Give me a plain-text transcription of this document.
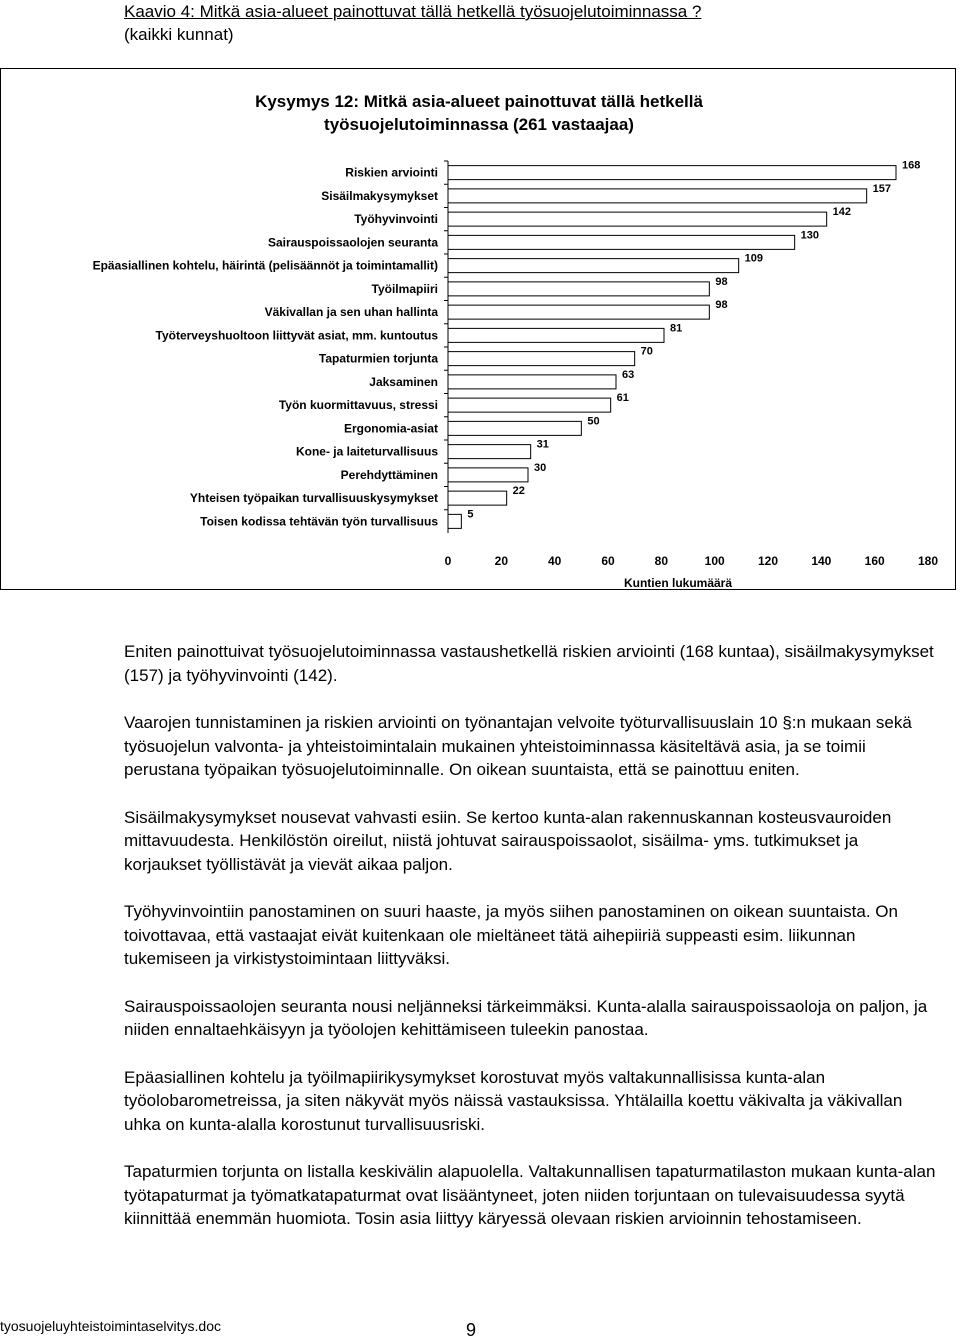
Kaavio 4: Mitkä asia-alueet painottuvat tällä hetkellä työsuojelutoiminnassa ?
(kaikki kunnat)
Kysymys 12: Mitkä asia-alueet painottuvat tällä hetkellä
työsuojelutoiminnassa (261 vastaajaa)
Riskien arviointi	168
Sisäilmakysymykset	157
Työhyvinvointi	142
Sairauspoissaolojen seuranta	130
Epäasiallinen kohtelu, häirintä (pelisäännöt ja toimintamallit)	109
Työilmapiiri	98
Väkivallan ja sen uhan hallinta	98
Työterveyshuoltoon liittyvät asiat, mm. kuntoutus	81
Tapaturmien torjunta	70
Jaksaminen	63
Työn kuormittavuus, stressi	61
Ergonomia-asiat	50
Kone- ja laiteturvallisuus	31
Perehdyttäminen	30
Yhteisen työpaikan turvallisuuskysymykset	22
Toisen kodissa tehtävän työn turvallisuus	5
0	20	40	60	80	100	120	140	160	180
Kuntien lukumäärä

Eniten painottuivat työsuojelutoiminnassa vastaushetkellä riskien arviointi (168 kuntaa), sisäilmakysymykset (157) ja työhyvinvointi (142).

Vaarojen tunnistaminen ja riskien arviointi on työnantajan velvoite työturvallisuuslain 10 §:n mukaan sekä työsuojelun valvonta- ja yhteistoimintalain mukainen yhteistoiminnassa käsiteltävä asia, ja se toimii perustana työpaikan työsuojelutoiminnalle. On oikean suuntaista, että se painottuu eniten.

Sisäilmakysymykset nousevat vahvasti esiin. Se kertoo kunta-alan rakennuskannan kosteusvauroiden mittavuudesta. Henkilöstön oireilut, niistä johtuvat sairauspoissaolot, sisäilma- yms. tutkimukset ja korjaukset työllistävät ja vievät aikaa paljon.

Työhyvinvointiin panostaminen on suuri haaste, ja myös siihen panostaminen on oikean suuntaista. On toivottavaa, että vastaajat eivät kuitenkaan ole mieltäneet tätä aihepiiriä suppeasti esim. liikunnan tukemiseen ja virkistystoimintaan liittyväksi.

Sairauspoissaolojen seuranta nousi neljänneksi tärkeimmäksi. Kunta-alalla sairauspoissaoloja on paljon, ja niiden ennaltaehkäisyyn ja työolojen kehittämiseen tuleekin panostaa.

Epäasiallinen kohtelu ja työilmapiirikysymykset korostuvat myös valtakunnallisissa kunta-alan työolobarometreissa, ja siten näkyvät myös näissä vastauksissa. Yhtälailla koettu väkivalta ja väkivallan uhka on kunta-alalla korostunut turvallisuusriski.

Tapaturmien torjunta on listalla keskivälin alapuolella. Valtakunnallisen tapaturmatilaston mukaan kunta-alan työtapaturmat ja työmatkatapaturmat ovat lisääntyneet, joten niiden torjuntaan on tulevaisuudessa syytä kiinnittää enemmän huomiota. Tosin asia liittyy käryessä olevaan riskien arvioinnin tehostamiseen.

tyosuojeluyhteistoimintaselvitys.doc	9
